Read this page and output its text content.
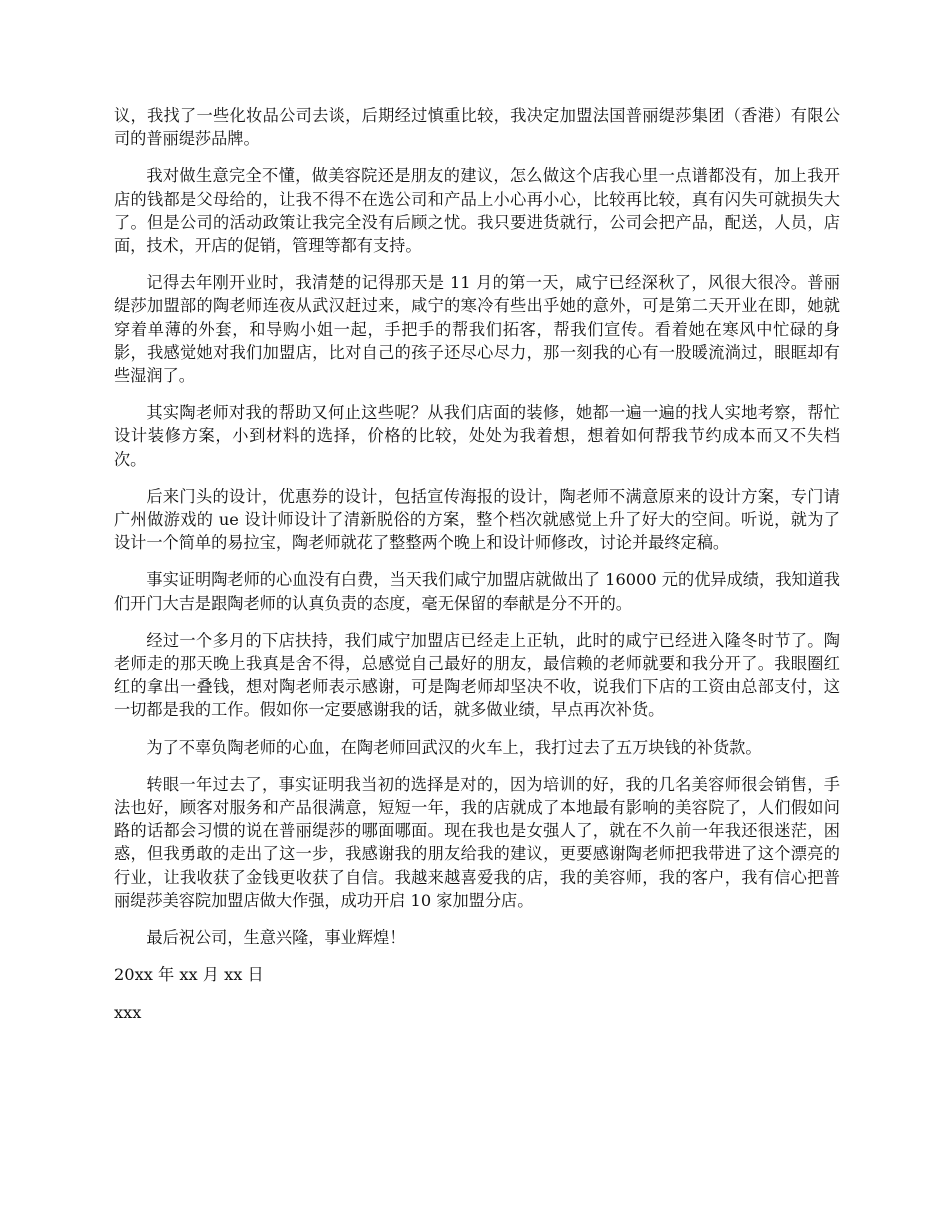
议，我找了一些化妆品公司去谈，后期经过慎重比较，我决定加盟法国普丽缇莎集团（香港）有限公司的普丽缇莎品牌。

我对做生意完全不懂，做美容院还是朋友的建议，怎么做这个店我心里一点谱都没有，加上我开店的钱都是父母给的，让我不得不在选公司和产品上小心再小心，比较再比较，真有闪失可就损失大了。但是公司的活动政策让我完全没有后顾之忧。我只要进货就行，公司会把产品，配送，人员，店面，技术，开店的促销，管理等都有支持。

记得去年刚开业时，我清楚的记得那天是 11 月的第一天，咸宁已经深秋了，风很大很冷。普丽缇莎加盟部的陶老师连夜从武汉赶过来，咸宁的寒冷有些出乎她的意外，可是第二天开业在即，她就穿着单薄的外套，和导购小姐一起，手把手的帮我们拓客，帮我们宣传。看着她在寒风中忙碌的身影，我感觉她对我们加盟店，比对自己的孩子还尽心尽力，那一刻我的心有一股暖流淌过，眼眶却有些湿润了。

其实陶老师对我的帮助又何止这些呢？从我们店面的装修，她都一遍一遍的找人实地考察，帮忙设计装修方案，小到材料的选择，价格的比较，处处为我着想，想着如何帮我节约成本而又不失档次。

后来门头的设计，优惠券的设计，包括宣传海报的设计，陶老师不满意原来的设计方案，专门请广州做游戏的 ue 设计师设计了清新脱俗的方案，整个档次就感觉上升了好大的空间。听说，就为了设计一个简单的易拉宝，陶老师就花了整整两个晚上和设计师修改，讨论并最终定稿。

事实证明陶老师的心血没有白费，当天我们咸宁加盟店就做出了 16000 元的优异成绩，我知道我们开门大吉是跟陶老师的认真负责的态度，毫无保留的奉献是分不开的。

经过一个多月的下店扶持，我们咸宁加盟店已经走上正轨，此时的咸宁已经进入隆冬时节了。陶老师走的那天晚上我真是舍不得，总感觉自己最好的朋友，最信赖的老师就要和我分开了。我眼圈红红的拿出一叠钱，想对陶老师表示感谢，可是陶老师却坚决不收，说我们下店的工资由总部支付，这一切都是我的工作。假如你一定要感谢我的话，就多做业绩，早点再次补货。

为了不辜负陶老师的心血，在陶老师回武汉的火车上，我打过去了五万块钱的补货款。

转眼一年过去了，事实证明我当初的选择是对的，因为培训的好，我的几名美容师很会销售，手法也好，顾客对服务和产品很满意，短短一年，我的店就成了本地最有影响的美容院了，人们假如问路的话都会习惯的说在普丽缇莎的哪面哪面。现在我也是女强人了，就在不久前一年我还很迷茫，困惑，但我勇敢的走出了这一步，我感谢我的朋友给我的建议，更要感谢陶老师把我带进了这个漂亮的行业，让我收获了金钱更收获了自信。我越来越喜爱我的店，我的美容师，我的客户，我有信心把普丽缇莎美容院加盟店做大作强，成功开启 10 家加盟分店。

最后祝公司，生意兴隆，事业辉煌！

20xx 年 xx 月 xx 日

xxx
